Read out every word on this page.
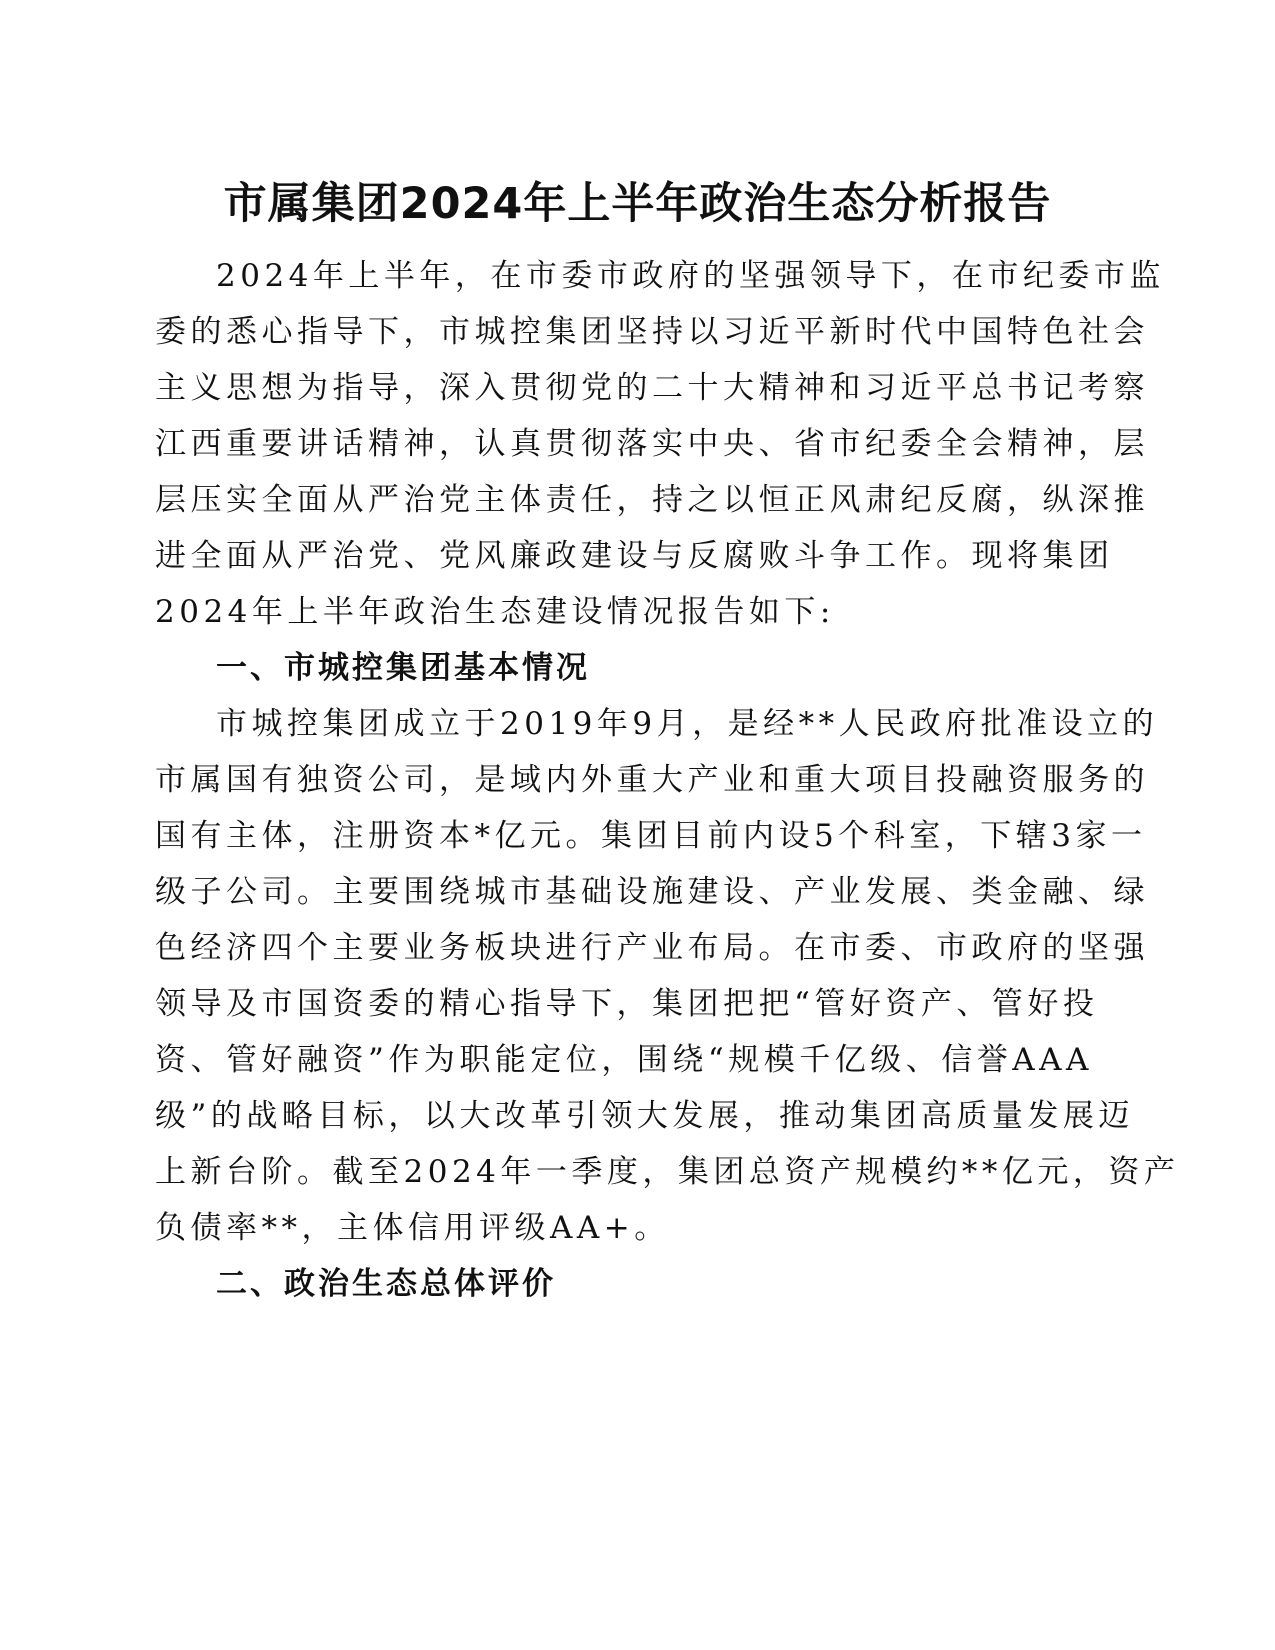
市属集团2024年上半年政治生态分析报告
2024年上半年，在市委市政府的坚强领导下，在市纪委市监
委的悉心指导下，市城控集团坚持以习近平新时代中国特色社会
主义思想为指导，深入贯彻党的二十大精神和习近平总书记考察
江西重要讲话精神，认真贯彻落实中央、省市纪委全会精神，层
层压实全面从严治党主体责任，持之以恒正风肃纪反腐，纵深推
进全面从严治党、党风廉政建设与反腐败斗争工作。现将集团
2024年上半年政治生态建设情况报告如下:
一、市城控集团基本情况
市城控集团成立于2019年9月，是经**人民政府批准设立的
市属国有独资公司，是域内外重大产业和重大项目投融资服务的
国有主体，注册资本*亿元。集团目前内设5个科室，下辖3家一
级子公司。主要围绕城市基础设施建设、产业发展、类金融、绿
色经济四个主要业务板块进行产业布局。在市委、市政府的坚强
领导及市国资委的精心指导下，集团把把“管好资产、管好投
资、管好融资”作为职能定位，围绕“规模千亿级、信誉AAA
级”的战略目标，以大改革引领大发展，推动集团高质量发展迈
上新台阶。截至2024年一季度，集团总资产规模约**亿元，资产
负债率**，主体信用评级AA+。
二、政治生态总体评价
